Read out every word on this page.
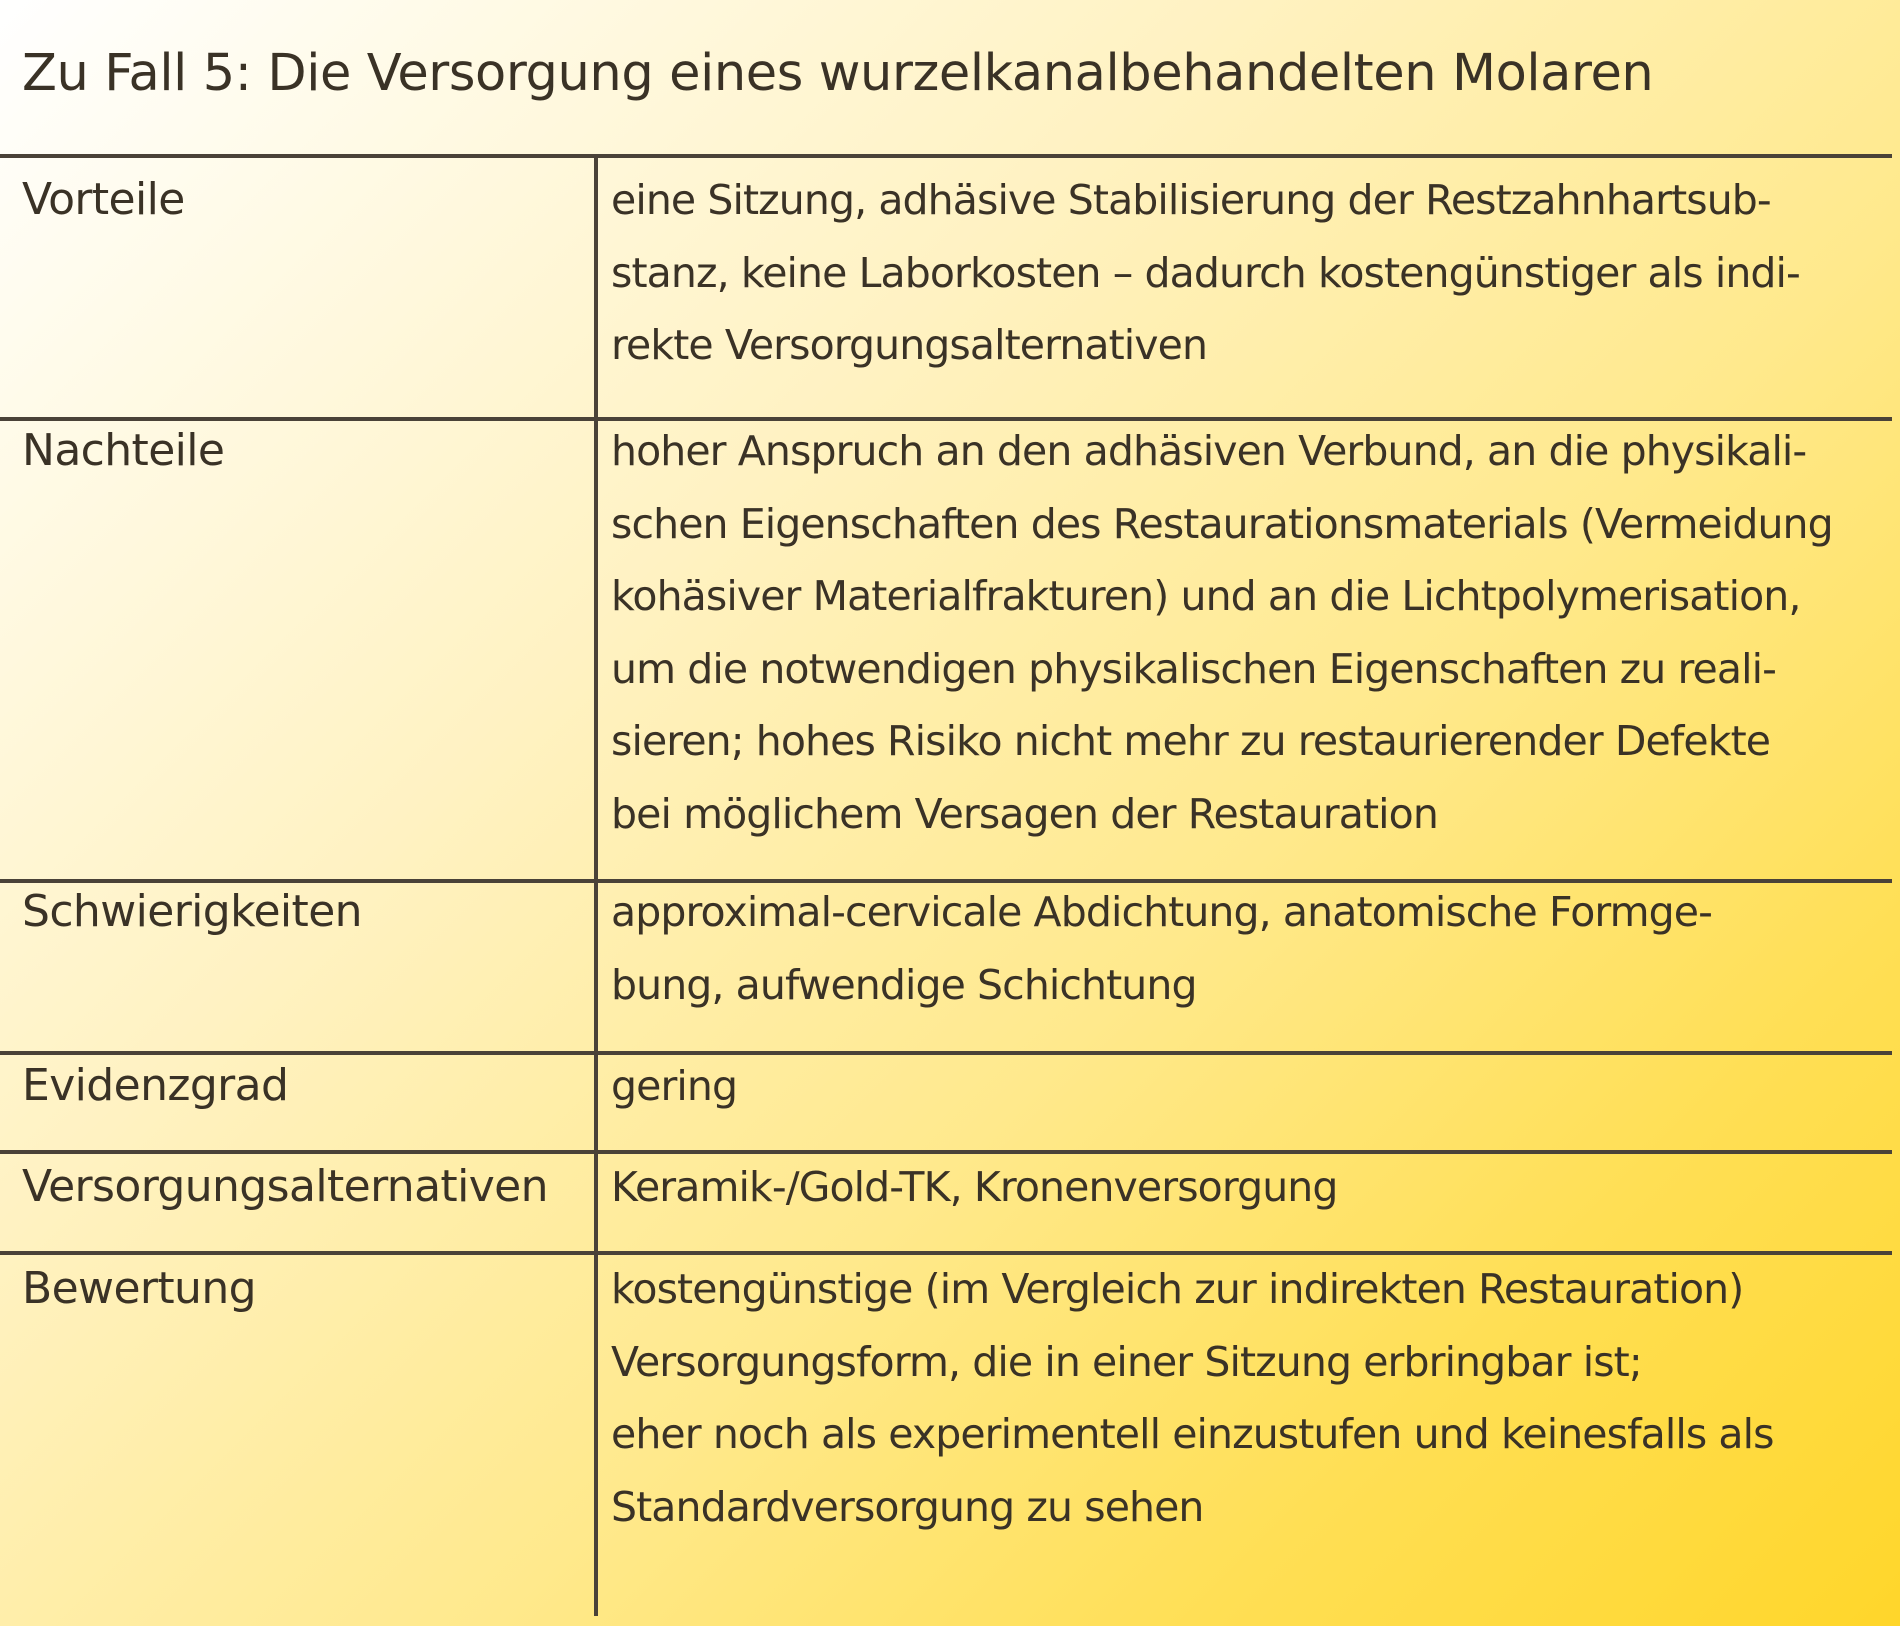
Zu Fall 5: Die Versorgung eines wurzelkanalbehandelten Molaren
Vorteile	eine Sitzung, adhäsive Stabilisierung der Restzahnhartsub-
stanz, keine Laborkosten – dadurch kostengünstiger als indi-
rekte Versorgungsalternativen
Nachteile	hoher Anspruch an den adhäsiven Verbund, an die physikali-
schen Eigenschaften des Restaurationsmaterials (Vermeidung
kohäsiver Materialfrakturen) und an die Lichtpolymerisation,
um die notwendigen physikalischen Eigenschaften zu reali-
sieren; hohes Risiko nicht mehr zu restaurierender Defekte
bei möglichem Versagen der Restauration
Schwierigkeiten	approximal-cervicale Abdichtung, anatomische Formge-
bung, aufwendige Schichtung
Evidenzgrad	gering
Versorgungsalternativen Keramik-/Gold-TK, Kronenversorgung
Bewertung	kostengünstige (im Vergleich zur indirekten Restauration)
Versorgungsform, die in einer Sitzung erbringbar ist;
eher noch als experimentell einzustufen und keinesfalls als
Standardversorgung zu sehen
